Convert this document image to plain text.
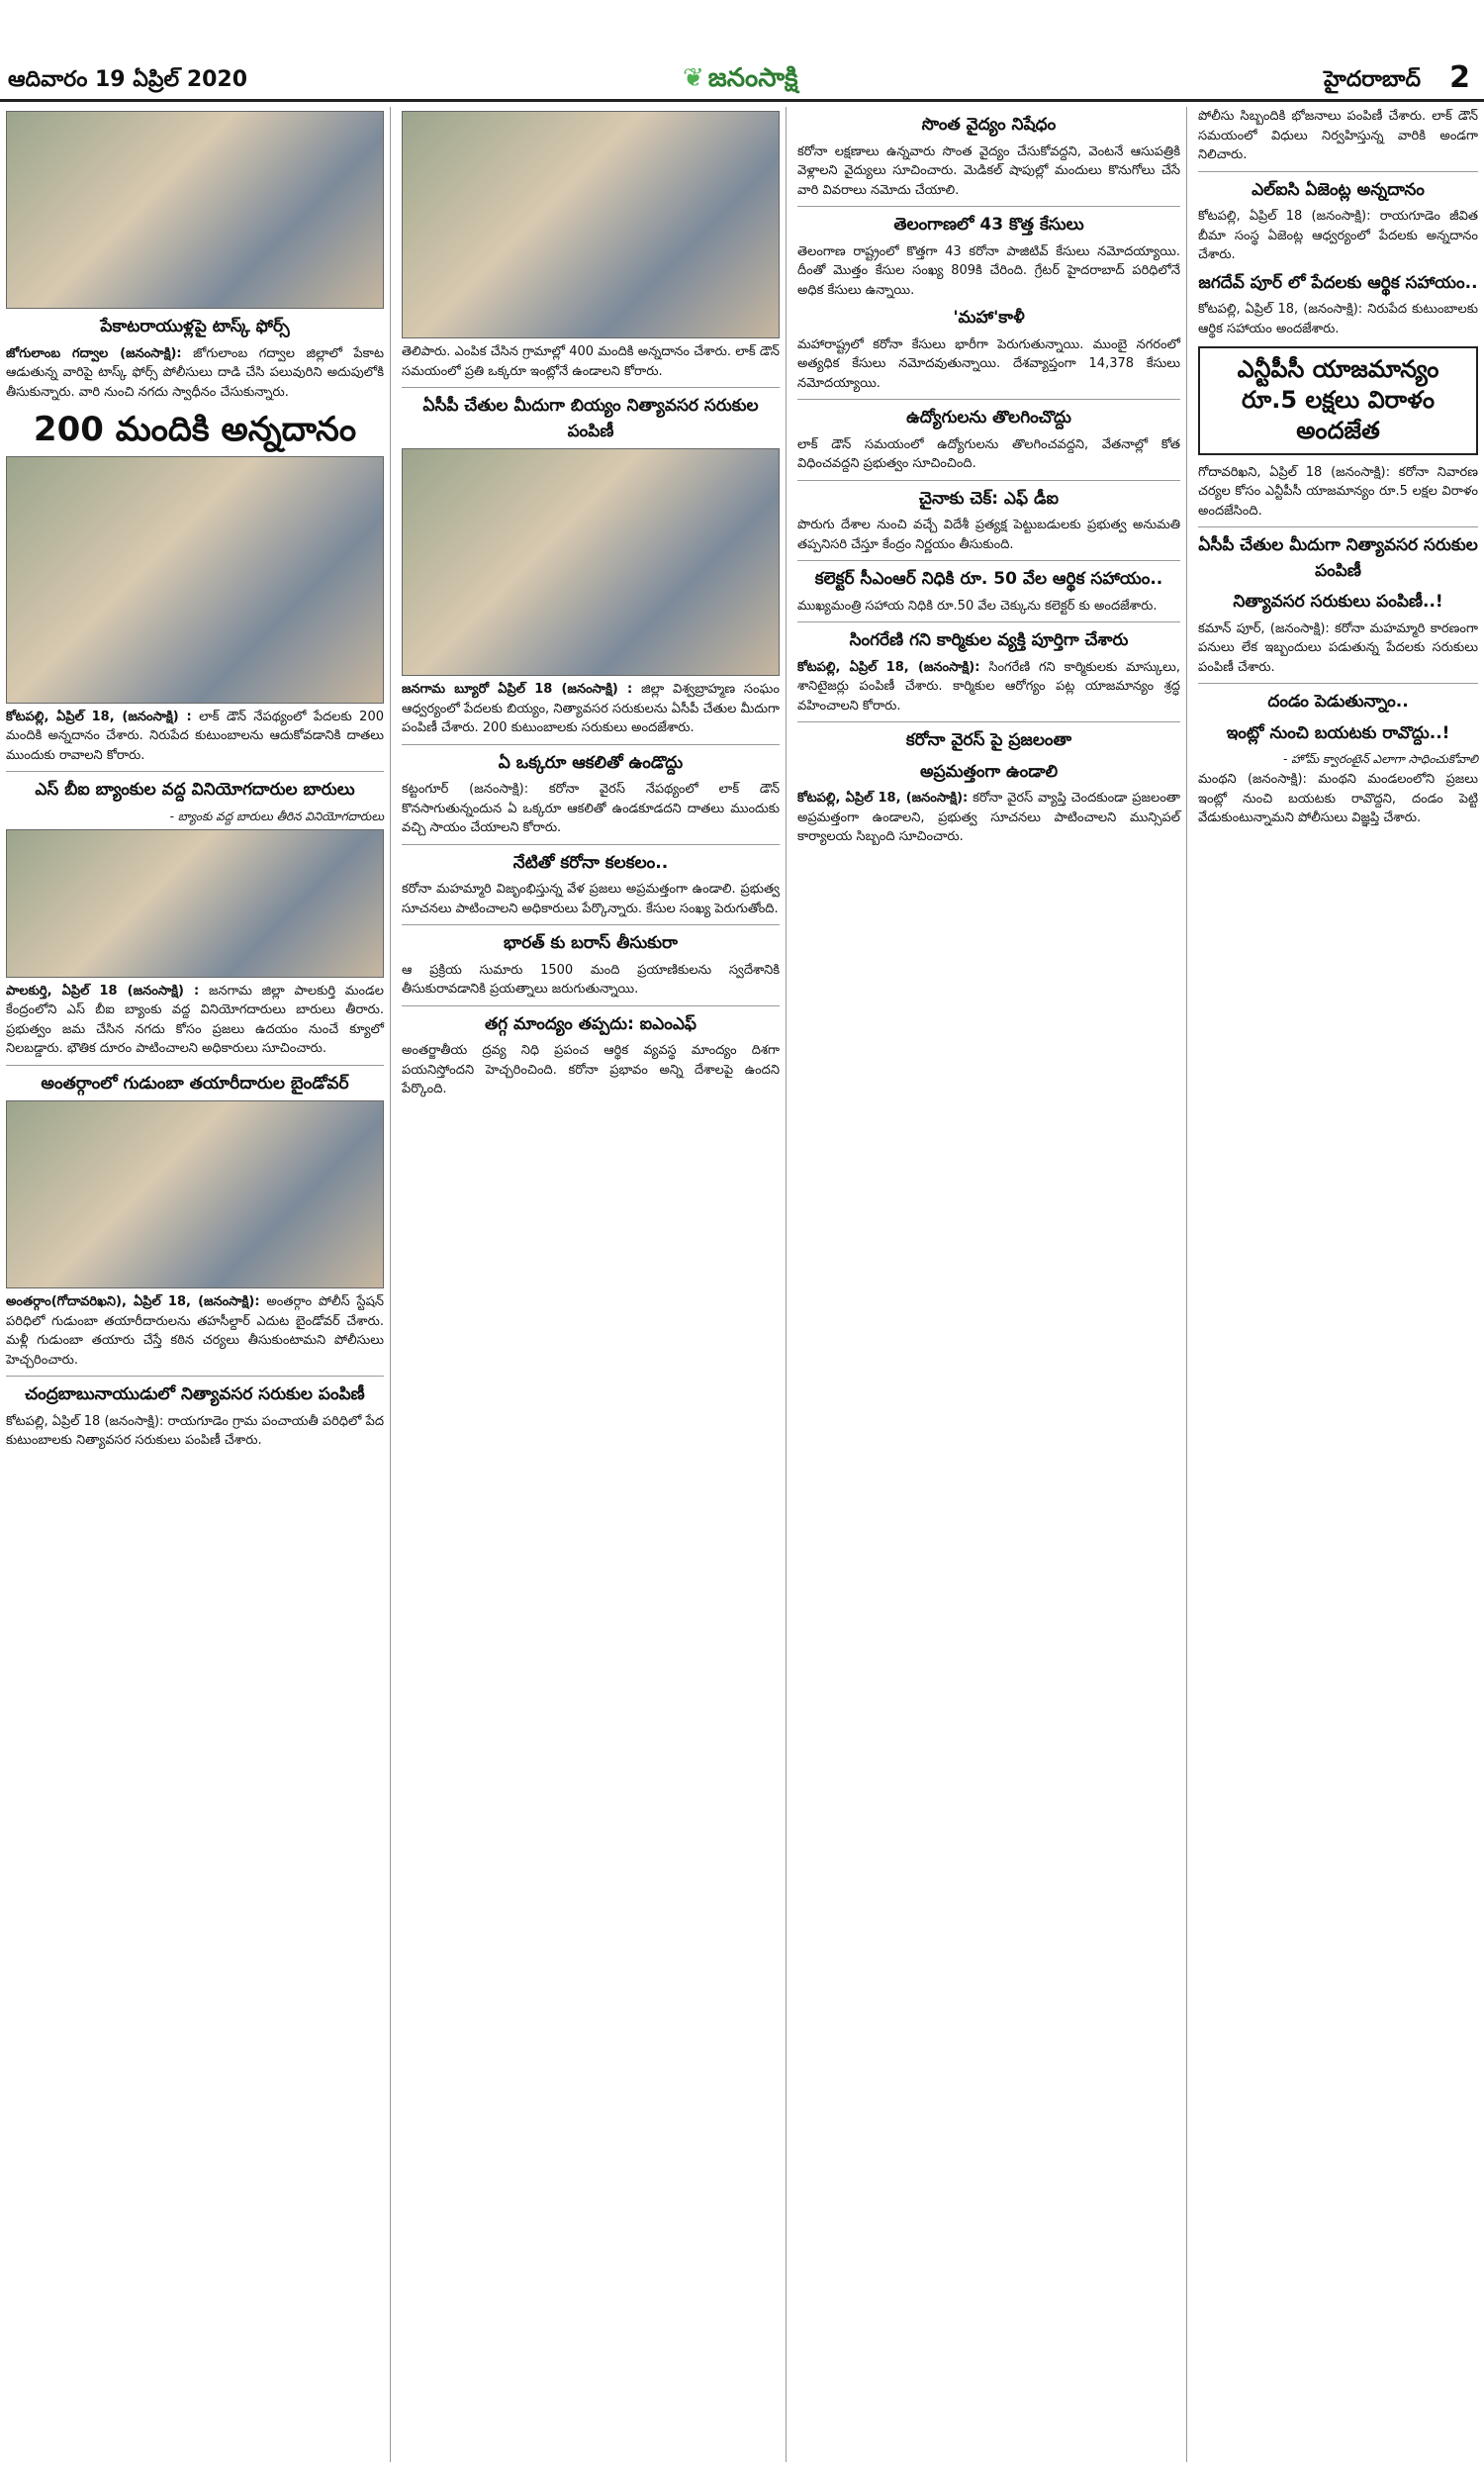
ఆదివారం 19 ఏప్రిల్ 2020	❦ జనంసాక్షి	హైదరాబాద్ 2
పేకాటరాయుళ్లపై టాస్క్ ఫోర్స్

జోగులాంబ గద్వాల (జనంసాక్షి): జోగులాంబ గద్వాల జిల్లాలో పేకాట ఆడుతున్న వారిపై టాస్క్ ఫోర్స్ పోలీసులు దాడి చేసి పలువురిని అదుపులోకి తీసుకున్నారు. వారి నుంచి నగదు స్వాధీనం చేసుకున్నారు.

200 మందికి అన్నదానం

కోటపల్లి, ఏప్రిల్ 18, (జనంసాక్షి) : లాక్ డౌన్ నేపథ్యంలో పేదలకు 200 మందికి అన్నదానం చేశారు. నిరుపేద కుటుంబాలను ఆదుకోవడానికి దాతలు ముందుకు రావాలని కోరారు.

ఎస్ బీఐ బ్యాంకుల వద్ద వినియోగదారుల బారులు
- బ్యాంకు వద్ద బారులు తీరిన వినియోగదారులు

పాలకుర్తి, ఏప్రిల్ 18 (జనంసాక్షి) : జనగామ జిల్లా పాలకుర్తి మండల కేంద్రంలోని ఎస్ బీఐ బ్యాంకు వద్ద వినియోగదారులు బారులు తీరారు. ప్రభుత్వం జమ చేసిన నగదు కోసం ప్రజలు ఉదయం నుంచే క్యూలో నిలబడ్డారు. భౌతిక దూరం పాటించాలని అధికారులు సూచించారు.

అంతర్గాంలో గుడుంబా తయారీదారుల బైండోవర్

అంతర్గాం(గోదావరిఖని), ఏప్రిల్ 18, (జనంసాక్షి): అంతర్గాం పోలీస్ స్టేషన్ పరిధిలో గుడుంబా తయారీదారులను తహసీల్దార్ ఎదుట బైండోవర్ చేశారు. మళ్లీ గుడుంబా తయారు చేస్తే కఠిన చర్యలు తీసుకుంటామని పోలీసులు హెచ్చరించారు.

చంద్రబాబునాయుడులో నిత్యావసర సరుకుల పంపిణీ

కోటపల్లి, ఏప్రిల్ 18 (జనంసాక్షి): రాయగూడెం గ్రామ పంచాయతీ పరిధిలో పేద కుటుంబాలకు నిత్యావసర సరుకులు పంపిణీ చేశారు.

తెలిపారు. ఎంపిక చేసిన గ్రామాల్లో 400 మందికి అన్నదానం చేశారు. లాక్ డౌన్ సమయంలో ప్రతి ఒక్కరూ ఇంట్లోనే ఉండాలని కోరారు.

ఏసీపీ చేతుల మీదుగా బియ్యం నిత్యావసర సరుకుల పంపిణీ

జనగామ బ్యూరో ఏప్రిల్ 18 (జనంసాక్షి) : జిల్లా విశ్వబ్రాహ్మణ సంఘం ఆధ్వర్యంలో పేదలకు బియ్యం, నిత్యావసర సరుకులను ఏసీపీ చేతుల మీదుగా పంపిణీ చేశారు. 200 కుటుంబాలకు సరుకులు అందజేశారు.

ఏ ఒక్కరూ ఆకలితో ఉండొద్దు

కట్టంగూర్ (జనంసాక్షి): కరోనా వైరస్ నేపథ్యంలో లాక్ డౌన్ కొనసాగుతున్నందున ఏ ఒక్కరూ ఆకలితో ఉండకూడదని దాతలు ముందుకు వచ్చి సాయం చేయాలని కోరారు.

నేటితో కరోనా కలకలం..

కరోనా మహమ్మారి విజృంభిస్తున్న వేళ ప్రజలు అప్రమత్తంగా ఉండాలి. ప్రభుత్వ సూచనలు పాటించాలని అధికారులు పేర్కొన్నారు. కేసుల సంఖ్య పెరుగుతోంది.

భారత్ కు బరాస్ తీసుకురా

ఆ ప్రక్రియ సుమారు 1500 మంది ప్రయాణికులను స్వదేశానికి తీసుకురావడానికి ప్రయత్నాలు జరుగుతున్నాయి.

తగ్గ మాంద్యం తప్పదు: ఐఎంఎఫ్

అంతర్జాతీయ ద్రవ్య నిధి ప్రపంచ ఆర్థిక వ్యవస్థ మాంద్యం దిశగా పయనిస్తోందని హెచ్చరించింది. కరోనా ప్రభావం అన్ని దేశాలపై ఉందని పేర్కొంది.

సొంత వైద్యం నిషేధం

కరోనా లక్షణాలు ఉన్నవారు సొంత వైద్యం చేసుకోవద్దని, వెంటనే ఆసుపత్రికి వెళ్లాలని వైద్యులు సూచించారు. మెడికల్ షాపుల్లో మందులు కొనుగోలు చేసే వారి వివరాలు నమోదు చేయాలి.

తెలంగాణలో 43 కొత్త కేసులు

తెలంగాణ రాష్ట్రంలో కొత్తగా 43 కరోనా పాజిటివ్ కేసులు నమోదయ్యాయి. దీంతో మొత్తం కేసుల సంఖ్య 809కి చేరింది. గ్రేటర్ హైదరాబాద్ పరిధిలోనే అధిక కేసులు ఉన్నాయి.

'మహా'కాళీ

మహారాష్ట్రలో కరోనా కేసులు భారీగా పెరుగుతున్నాయి. ముంబై నగరంలో అత్యధిక కేసులు నమోదవుతున్నాయి. దేశవ్యాప్తంగా 14,378 కేసులు నమోదయ్యాయి.

ఉద్యోగులను తొలగించొద్దు

లాక్ డౌన్ సమయంలో ఉద్యోగులను తొలగించవద్దని, వేతనాల్లో కోత విధించవద్దని ప్రభుత్వం సూచించింది.

చైనాకు చెక్: ఎఫ్ డీఐ

పొరుగు దేశాల నుంచి వచ్చే విదేశీ ప్రత్యక్ష పెట్టుబడులకు ప్రభుత్వ అనుమతి తప్పనిసరి చేస్తూ కేంద్రం నిర్ణయం తీసుకుంది.

కలెక్టర్ సీఎంఆర్ నిధికి రూ. 50 వేల ఆర్థిక సహాయం..

ముఖ్యమంత్రి సహాయ నిధికి రూ.50 వేల చెక్కును కలెక్టర్ కు అందజేశారు.

సింగరేణి గని కార్మికుల వ్యక్తి పూర్తిగా చేశారు

కోటపల్లి, ఏప్రిల్ 18, (జనంసాక్షి): సింగరేణి గని కార్మికులకు మాస్కులు, శానిటైజర్లు పంపిణీ చేశారు. కార్మికుల ఆరోగ్యం పట్ల యాజమాన్యం శ్రద్ధ వహించాలని కోరారు.

కరోనా వైరస్ పై ప్రజలంతా
అప్రమత్తంగా ఉండాలి

కోటపల్లి, ఏప్రిల్ 18, (జనంసాక్షి): కరోనా వైరస్ వ్యాప్తి చెందకుండా ప్రజలంతా అప్రమత్తంగా ఉండాలని, ప్రభుత్వ సూచనలు పాటించాలని మున్సిపల్ కార్యాలయ సిబ్బంది సూచించారు.

పోలీసు సిబ్బందికి భోజనాలు పంపిణీ చేశారు. లాక్ డౌన్ సమయంలో విధులు నిర్వహిస్తున్న వారికి అండగా నిలిచారు.

ఎల్ఐసి ఏజెంట్ల అన్నదానం

కోటపల్లి, ఏప్రిల్ 18 (జనంసాక్షి): రాయగూడెం జీవిత బీమా సంస్థ ఏజెంట్ల ఆధ్వర్యంలో పేదలకు అన్నదానం చేశారు.

జగదేవ్ పూర్ లో పేదలకు ఆర్థిక సహాయం..

కోటపల్లి, ఏప్రిల్ 18, (జనంసాక్షి): నిరుపేద కుటుంబాలకు ఆర్థిక సహాయం అందజేశారు.

ఎన్టీపీసీ యాజమాన్యం రూ.5 లక్షలు విరాళం అందజేత

గోదావరిఖని, ఏప్రిల్ 18 (జనంసాక్షి): కరోనా నివారణ చర్యల కోసం ఎన్టీపీసీ యాజమాన్యం రూ.5 లక్షల విరాళం అందజేసింది.

ఏసీపీ చేతుల మీదుగా నిత్యావసర సరుకుల పంపిణీ
నిత్యావసర సరుకులు పంపిణీ..!

కమాన్ పూర్, (జనంసాక్షి): కరోనా మహమ్మారి కారణంగా పనులు లేక ఇబ్బందులు పడుతున్న పేదలకు సరుకులు పంపిణీ చేశారు.

దండం పెడుతున్నాం..
ఇంట్లో నుంచి బయటకు రావొద్దు..!
- హోమ్ క్వారంటైన్ ఎలాగా సాధించుకోవాలి

మంథని (జనంసాక్షి): మంథని మండలంలోని ప్రజలు ఇంట్లో నుంచి బయటకు రావొద్దని, దండం పెట్టి వేడుకుంటున్నామని పోలీసులు విజ్ఞప్తి చేశారు.
